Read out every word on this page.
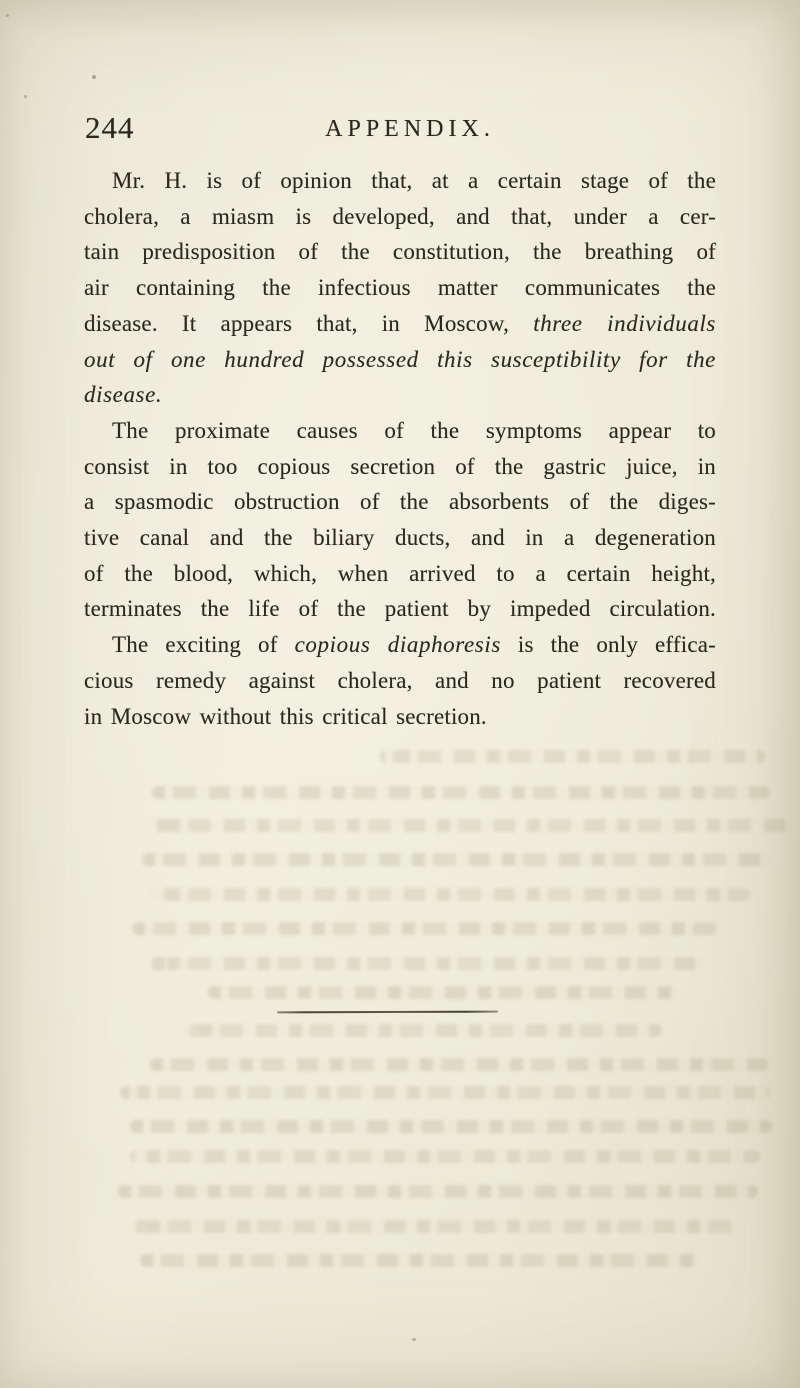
244	APPENDIX.
Mr. H. is of opinion that, at a certain stage of the
cholera, a miasm is developed, and that, under a cer-
tain predisposition of the constitution, the breathing of
air containing the infectious matter communicates the
disease. It appears that, in Moscow, three individuals
out of one hundred possessed this susceptibility for the
disease.
The proximate causes of the symptoms appear to
consist in too copious secretion of the gastric juice, in
a spasmodic obstruction of the absorbents of the diges-
tive canal and the biliary ducts, and in a degeneration
of the blood, which, when arrived to a certain height,
terminates the life of the patient by impeded circulation.
The exciting of copious diaphoresis is the only effica-
cious remedy against cholera, and no patient recovered
in Moscow without this critical secretion.
